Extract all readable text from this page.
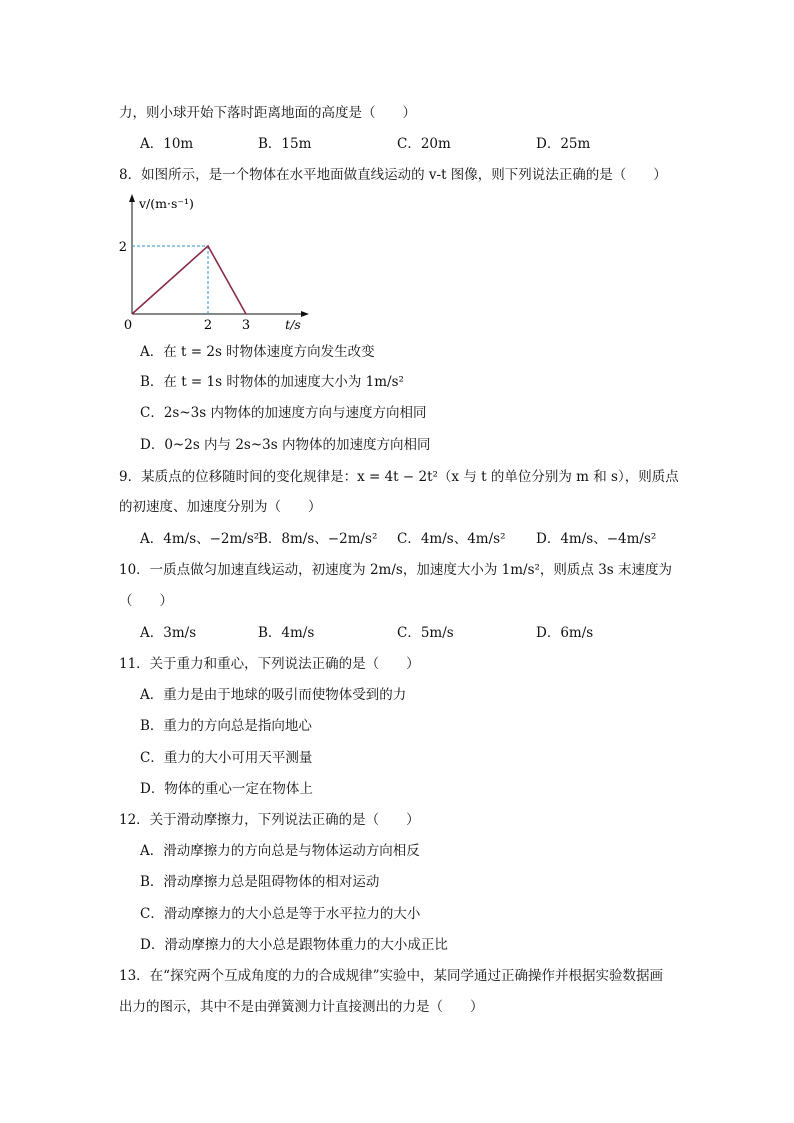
力，则小球开始下落时距离地面的高度是（　　）
A．10m	B．15m	C．20m	D．25m
8．如图所示，是一个物体在水平地面做直线运动的 v-t 图像，则下列说法正确的是（　　）
0	2 3
2
t/s
v/(m·s⁻¹)
A．在 t = 2s 时物体速度方向发生改变
B．在 t = 1s 时物体的加速度大小为 1m/s²
C．2s~3s 内物体的加速度方向与速度方向相同
D．0~2s 内与 2s~3s 内物体的加速度方向相同
9．某质点的位移随时间的变化规律是：x = 4t − 2t²（x 与 t 的单位分别为 m 和 s），则质点
的初速度、加速度分别为（　　）
A．4m/s、−2m/s²
B．8m/s、−2m/s² C．4m/s、4m/s² D．4m/s、−4m/s²
10．一质点做匀加速直线运动，初速度为 2m/s，加速度大小为 1m/s²，则质点 3s 末速度为
（　　）
A．3m/s	B．4m/s	C．5m/s	D．6m/s
11．关于重力和重心，下列说法正确的是（　　）
A．重力是由于地球的吸引而使物体受到的力
B．重力的方向总是指向地心
C．重力的大小可用天平测量
D．物体的重心一定在物体上
12．关于滑动摩擦力，下列说法正确的是（　　）
A．滑动摩擦力的方向总是与物体运动方向相反
B．滑动摩擦力总是阻碍物体的相对运动
C．滑动摩擦力的大小总是等于水平拉力的大小
D．滑动摩擦力的大小总是跟物体重力的大小成正比
13．在“探究两个互成角度的力的合成规律”实验中，某同学通过正确操作并根据实验数据画
出力的图示，其中不是由弹簧测力计直接测出的力是（　　）
